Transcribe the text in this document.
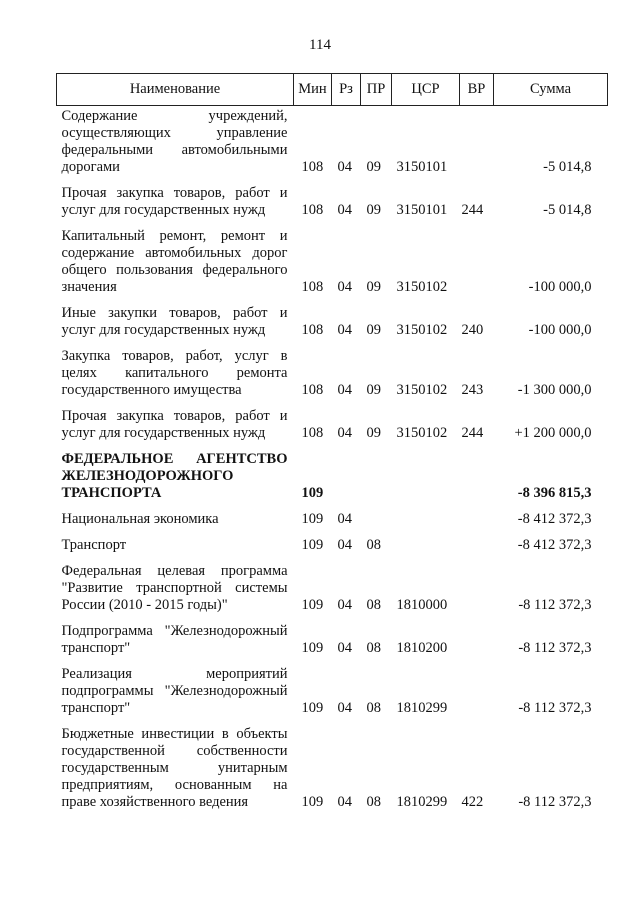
114
Наименование	Мин	Рз	ПР	ЦСР	ВР	Сумма
Содержание учреждений, осуществляющих управление федеральными автомобильными дорогами	108	04	09	3150101		-5 014,8
Прочая закупка товаров, работ и услуг для государственных нужд	108	04	09	3150101	244	-5 014,8
Капитальный ремонт, ремонт и содержание автомобильных дорог общего пользования федерального значения	108	04	09	3150102		-100 000,0
Иные закупки товаров, работ и услуг для государственных нужд	108	04	09	3150102	240	-100 000,0
Закупка товаров, работ, услуг в целях капитального ремонта государственного имущества	108	04	09	3150102	243	-1 300 000,0
Прочая закупка товаров, работ и услуг для государственных нужд	108	04	09	3150102	244	+1 200 000,0
ФЕДЕРАЛЬНОЕ АГЕНТСТВО ЖЕЛЕЗНОДОРОЖНОГО ТРАНСПОРТА	109					-8 396 815,3
Национальная экономика	109	04				-8 412 372,3
Транспорт	109	04	08			-8 412 372,3
Федеральная целевая программа "Развитие транспортной системы России (2010 - 2015 годы)"	109	04	08	1810000		-8 112 372,3
Подпрограмма "Железнодорожный транспорт"	109	04	08	1810200		-8 112 372,3
Реализация мероприятий подпрограммы "Железнодорожный транспорт"	109	04	08	1810299		-8 112 372,3
Бюджетные инвестиции в объекты государственной собственности государственным унитарным предприятиям, основанным на праве хозяйственного ведения	109	04	08	1810299	422	-8 112 372,3
